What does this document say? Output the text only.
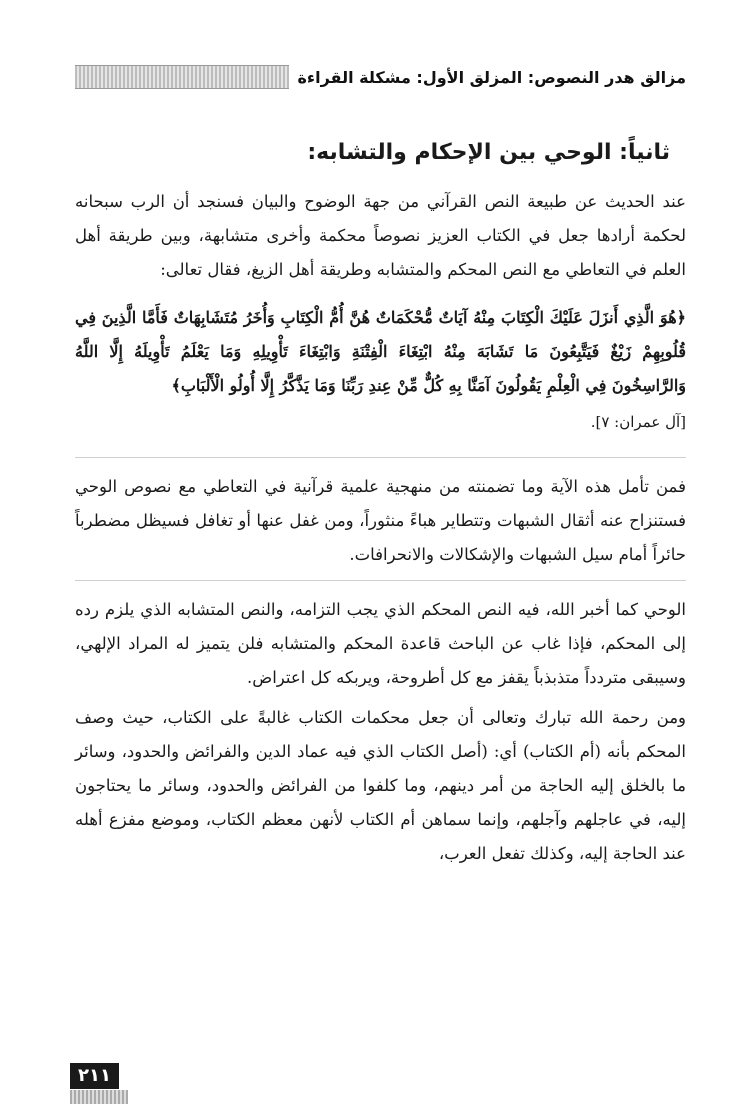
مزالق هدر النصوص: المزلق الأول: مشكلة القراءة
ثانياً: الوحي بين الإحكام والتشابه:

عند الحديث عن طبيعة النص القرآني من جهة الوضوح والبيان فسنجد أن الرب سبحانه لحكمة أرادها جعل في الكتاب العزيز نصوصاً محكمة وأخرى متشابهة، وبين طريقة أهل العلم في التعاطي مع النص المحكم والمتشابه وطريقة أهل الزيغ، فقال تعالى:

﴿هُوَ الَّذِي أَنزَلَ عَلَيْكَ الْكِتَابَ مِنْهُ آيَاتٌ مُّحْكَمَاتٌ هُنَّ أُمُّ الْكِتَابِ وَأُخَرُ مُتَشَابِهَاتٌ فَأَمَّا الَّذِينَ فِي قُلُوبِهِمْ زَيْغٌ فَيَتَّبِعُونَ مَا تَشَابَهَ مِنْهُ ابْتِغَاءَ الْفِتْنَةِ وَابْتِغَاءَ تَأْوِيلِهِ وَمَا يَعْلَمُ تَأْوِيلَهُ إِلَّا اللَّهُ وَالرَّاسِخُونَ فِي الْعِلْمِ يَقُولُونَ آمَنَّا بِهِ كُلٌّ مِّنْ عِندِ رَبِّنَا وَمَا يَذَّكَّرُ إِلَّا أُولُو الْأَلْبَابِ﴾

[آل عمران: ٧].

فمن تأمل هذه الآية وما تضمنته من منهجية علمية قرآنية في التعاطي مع نصوص الوحي فستنزاح عنه أثقال الشبهات وتتطاير هباءً منثوراً، ومن غفل عنها أو تغافل فسيظل مضطرباً حائراً أمام سيل الشبهات والإشكالات والانحرافات.

الوحي كما أخبر الله، فيه النص المحكم الذي يجب التزامه، والنص المتشابه الذي يلزم رده إلى المحكم، فإذا غاب عن الباحث قاعدة المحكم والمتشابه فلن يتميز له المراد الإلهي، وسيبقى متردداً متذبذباً يقفز مع كل أطروحة، ويربكه كل اعتراض.

ومن رحمة الله تبارك وتعالى أن جعل محكمات الكتاب غالبةً على الكتاب، حيث وصف المحكم بأنه (أم الكتاب) أي: (أصل الكتاب الذي فيه عماد الدين والفرائض والحدود، وسائر ما بالخلق إليه الحاجة من أمر دينهم، وما كلفوا من الفرائض والحدود، وسائر ما يحتاجون إليه، في عاجلهم وآجلهم، وإنما سماهن أم الكتاب لأنهن معظم الكتاب، وموضع مفزع أهله عند الحاجة إليه، وكذلك تفعل العرب،

٢١١
